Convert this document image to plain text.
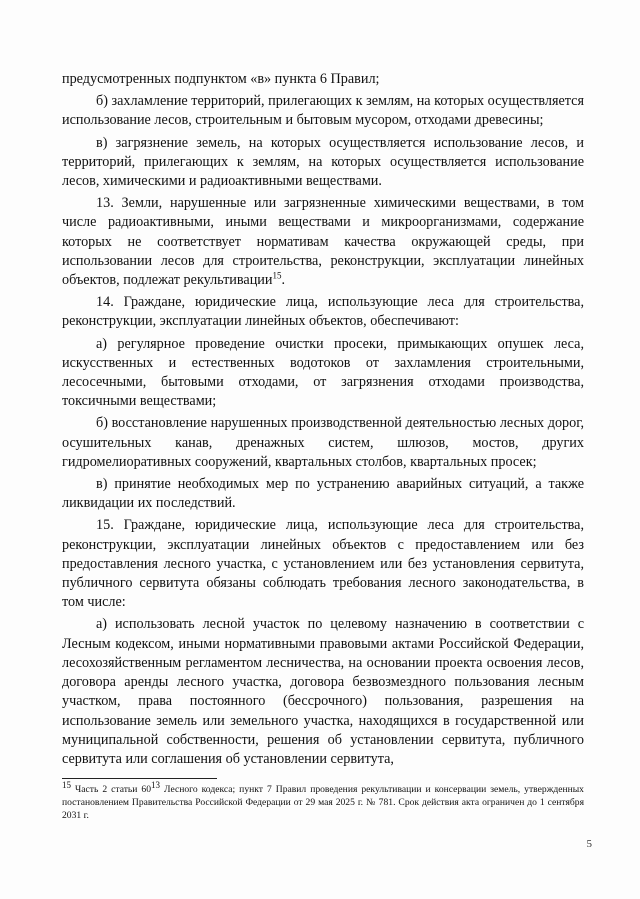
предусмотренных подпунктом «в» пункта 6 Правил;

б) захламление территорий, прилегающих к землям, на которых осуществляется использование лесов, строительным и бытовым мусором, отходами древесины;

в) загрязнение земель, на которых осуществляется использование лесов, и территорий, прилегающих к землям, на которых осуществляется использование лесов, химическими и радиоактивными веществами.

13. Земли, нарушенные или загрязненные химическими веществами, в том числе радиоактивными, иными веществами и микроорганизмами, содержание которых не соответствует нормативам качества окружающей среды, при использовании лесов для строительства, реконструкции, эксплуатации линейных объектов, подлежат рекультивации$^{15}$.

14. Граждане, юридические лица, использующие леса для строительства, реконструкции, эксплуатации линейных объектов, обеспечивают:

а) регулярное проведение очистки просеки, примыкающих опушек леса, искусственных и естественных водотоков от захламления строительными, лесосечными, бытовыми отходами, от загрязнения отходами производства, токсичными веществами;

б) восстановление нарушенных производственной деятельностью лесных дорог, осушительных канав, дренажных систем, шлюзов, мостов, других гидромелиоративных сооружений, квартальных столбов, квартальных просек;

в) принятие необходимых мер по устранению аварийных ситуаций, а также ликвидации их последствий.

15. Граждане, юридические лица, использующие леса для строительства, реконструкции, эксплуатации линейных объектов с предоставлением или без предоставления лесного участка, с установлением или без установления сервитута, публичного сервитута обязаны соблюдать требования лесного законодательства, в том числе:

а) использовать лесной участок по целевому назначению в соответствии с Лесным кодексом, иными нормативными правовыми актами Российской Федерации, лесохозяйственным регламентом лесничества, на основании проекта освоения лесов, договора аренды лесного участка, договора безвозмездного пользования лесным участком, права постоянного (бессрочного) пользования, разрешения на использование земель или земельного участка, находящихся в государственной или муниципальной собственности, решения об установлении сервитута, публичного сервитута или соглашения об установлении сервитута,

$^{15}$ Часть 2 статьи $60^{13}$ Лесного кодекса; пункт 7 Правил проведения рекультивации и консервации земель, утвержденных постановлением Правительства Российской Федерации от 29 мая 2025 г. № 781. Срок действия акта ограничен до 1 сентября 2031 г.
5
